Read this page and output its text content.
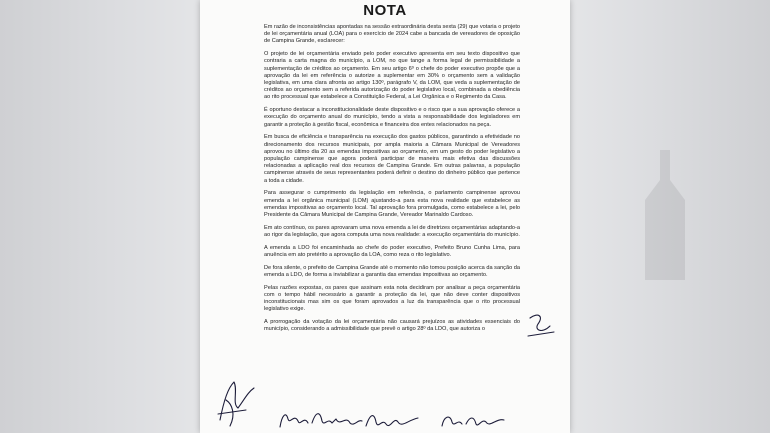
NOTA

Em razão de inconsistências apontadas na sessão extraordinária desta sexta (29) que votaria o projeto de lei orçamentária anual (LOA) para o exercício de 2024 cabe a bancada de vereadores de oposição de Campina Grande, esclarecer:

O projeto de lei orçamentária enviado pelo poder executivo apresenta em seu texto dispositivo que contraria a carta magna do município, a LOM, no que tange a forma legal de permissibilidade a suplementação de créditos ao orçamento. Em seu artigo 6º o chefe do poder executivo propõe que a aprovação da lei em referência o autorize a suplementar em 30% o orçamento sem a validação legislativa, em uma clara afronta ao artigo 130º, parágrafo V, da LOM, que veda a suplementação de créditos ao orçamento sem a referida autorização do poder legislativo local, combinada a obediência ao rito processual que estabelece a Constituição Federal, a Lei Orgânica e o Regimento da Casa.

É oportuno destacar a inconstitucionalidade deste dispositivo e o risco que a sua aprovação oferece a execução do orçamento anual do município, tendo a vista a responsabilidade dos legisladores em garantir a proteção à gestão fiscal, econômica e financeira dos entes relacionados na peça.

Em busca de eficiência e transparência na execução dos gastos públicos, garantindo a efetividade no direcionamento dos recursos municipais, por ampla maioria a Câmara Municipal de Vereadores aprovou no último dia 20 as emendas impositivas ao orçamento, em um gesto do poder legislativo a população campinense que agora poderá participar de maneira mais efetiva das discussões relacionadas a aplicação real dos recursos de Campina Grande. Em outras palavras, a população campinense através de seus representantes poderá definir o destino do dinheiro público que pertence a toda a cidade.

Para assegurar o cumprimento da legislação em referência, o parlamento campinense aprovou emenda a lei orgânica municipal (LOM) ajustando-a para esta nova realidade que estabelece as emendas impositivas ao orçamento local. Tal aprovação fora promulgada, como estabelece a lei, pelo Presidente da Câmara Municipal de Campina Grande, Vereador Marinaldo Cardoso.

Em ato contínuo, os pares aprovaram uma nova emenda a lei de diretrizes orçamentárias adaptando-a ao rigor da legislação, que agora computa uma nova realidade: a execução orçamentária do município.

A emenda a LDO foi encaminhada ao chefe do poder executivo, Prefeito Bruno Cunha Lima, para anuência em ato pretérito a aprovação da LOA, como reza o rito legislativo.

De fora silente, o prefeito de Campina Grande até o momento não tomou posição acerca da sanção da emenda a LDO, de forma a inviabilizar a garantia das emendas impositivas ao orçamento.

Pelas razões expostas, os pares que assinam esta nota decidiram por analisar a peça orçamentária com o tempo hábil necessário a garantir a proteção da lei, que não deve conter dispositivos inconstitucionais mas sim os que foram aprovados a luz da transparência que o rito processual legislativo exige.

A prorrogação da votação da lei orçamentária não causará prejuízos as atividades essenciais do município, considerando a admissibilidade que prevê o artigo 28º da LDO, que autoriza o
